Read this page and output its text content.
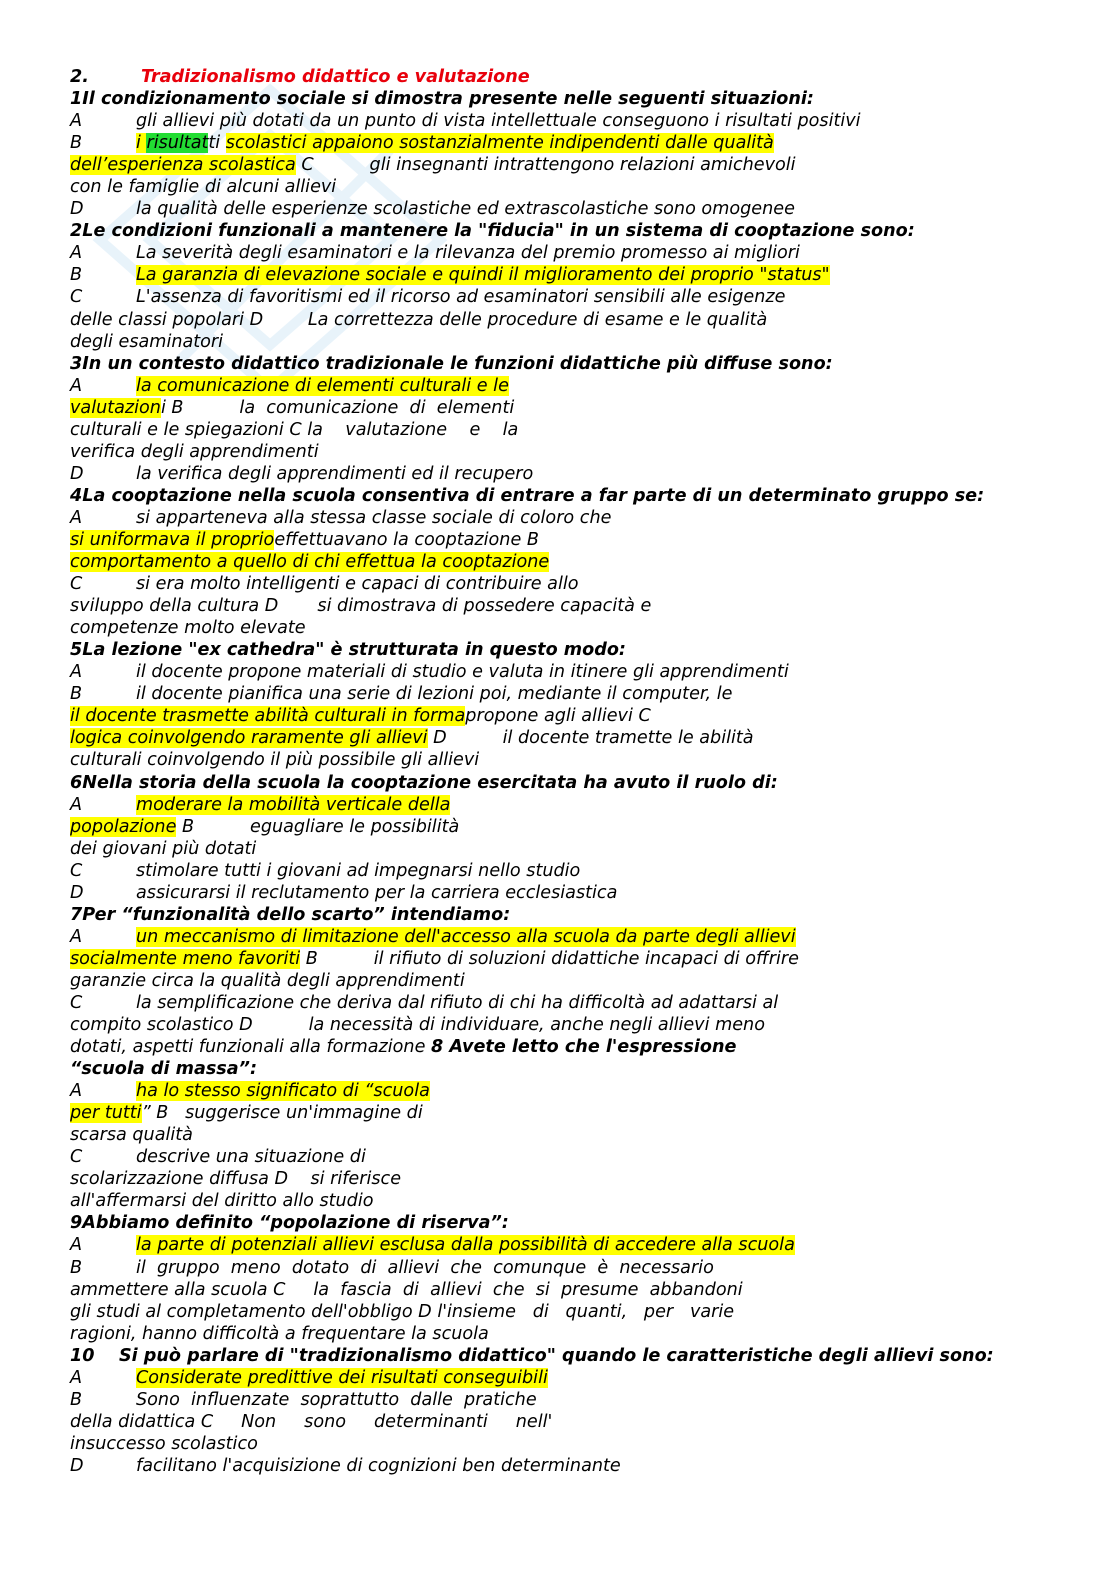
2.	Tradizionalismo didattico e valutazione
1Il condizionamento sociale si dimostra presente nelle seguenti situazioni:
A	gli allievi più dotati da un punto di vista intellettuale conseguono i risultati positivi
B	i risultatti scolastici appaiono sostanzialmente indipendenti dalle qualità
dell’esperienza scolastica C          gli insegnanti intrattengono relazioni amichevoli
con le famiglie di alcuni allievi
D	la qualità delle esperienze scolastiche ed extrascolastiche sono omogenee
2Le condizioni funzionali a mantenere la "fiducia" in un sistema di cooptazione sono:
A	La severità degli esaminatori e la rilevanza del premio promesso ai migliori
B	La garanzia di elevazione sociale e quindi il miglioramento dei proprio "status"
C	L'assenza di favoritismi ed il ricorso ad esaminatori sensibili alle esigenze
delle classi popolari D        La correttezza delle procedure di esame e le qualità
degli esaminatori
3In un contesto didattico tradizionale le funzioni didattiche più diffuse sono:
A	la comunicazione di elementi culturali e le
valutazioni B          la  comunicazione  di  elementi
culturali e le spiegazioni C la    valutazione    e    la
verifica degli apprendimenti
D	la verifica degli apprendimenti ed il recupero
4La cooptazione nella scuola consentiva di entrare a far parte di un determinato gruppo se:
A	si apparteneva alla stessa classe sociale di coloro che
si uniformava il proprioeffettuavano la cooptazione B
comportamento a quello di chi effettua la cooptazione
C	si era molto intelligenti e capaci di contribuire allo
sviluppo della cultura D       si dimostrava di possedere capacità e
competenze molto elevate
5La lezione "ex cathedra" è strutturata in questo modo:
A	il docente propone materiali di studio e valuta in itinere gli apprendimenti
B	il docente pianifica una serie di lezioni poi, mediante il computer, le
il docente trasmette abilità culturali in formapropone agli allievi C
logica coinvolgendo raramente gli allievi D          il docente tramette le abilità
culturali coinvolgendo il più possibile gli allievi
6Nella storia della scuola la cooptazione esercitata ha avuto il ruolo di:
A	moderare la mobilità verticale della
popolazione B          eguagliare le possibilità
dei giovani più dotati
C	stimolare tutti i giovani ad impegnarsi nello studio
D	assicurarsi il reclutamento per la carriera ecclesiastica
7Per “funzionalità dello scarto” intendiamo:
A	un meccanismo di limitazione dell'accesso alla scuola da parte degli allievi
socialmente meno favoriti B          il rifiuto di soluzioni didattiche incapaci di offrire
garanzie circa la qualità degli apprendimenti
C	la semplificazione che deriva dal rifiuto di chi ha difficoltà ad adattarsi al
compito scolastico D          la necessità di individuare, anche negli allievi meno
dotati, aspetti funzionali alla formazione 8 Avete letto che l'espressione
“scuola di massa”:
A	ha lo stesso significato di “scuola
per tutti” B   suggerisce un'immagine di
scarsa qualità
C	descrive una situazione di
scolarizzazione diffusa D    si riferisce
all'affermarsi del diritto allo studio
9Abbiamo definito “popolazione di riserva”:
A	la parte di potenziali allievi esclusa dalla possibilità di accedere alla scuola
B	il  gruppo  meno  dotato  di  allievi  che  comunque  è  necessario
ammettere alla scuola C     la  fascia  di  allievi  che  si  presume  abbandoni
gli studi al completamento dell'obbligo D l'insieme   di   quanti,   per   varie
ragioni, hanno difficoltà a frequentare la scuola
10    Si può parlare di "tradizionalismo didattico" quando le caratteristiche degli allievi sono:
A	Considerate predittive dei risultati conseguibili
B	Sono  influenzate  soprattutto  dalle  pratiche
della didattica C     Non     sono     determinanti     nell'
insuccesso scolastico
D	facilitano l'acquisizione di cognizioni ben determinante
